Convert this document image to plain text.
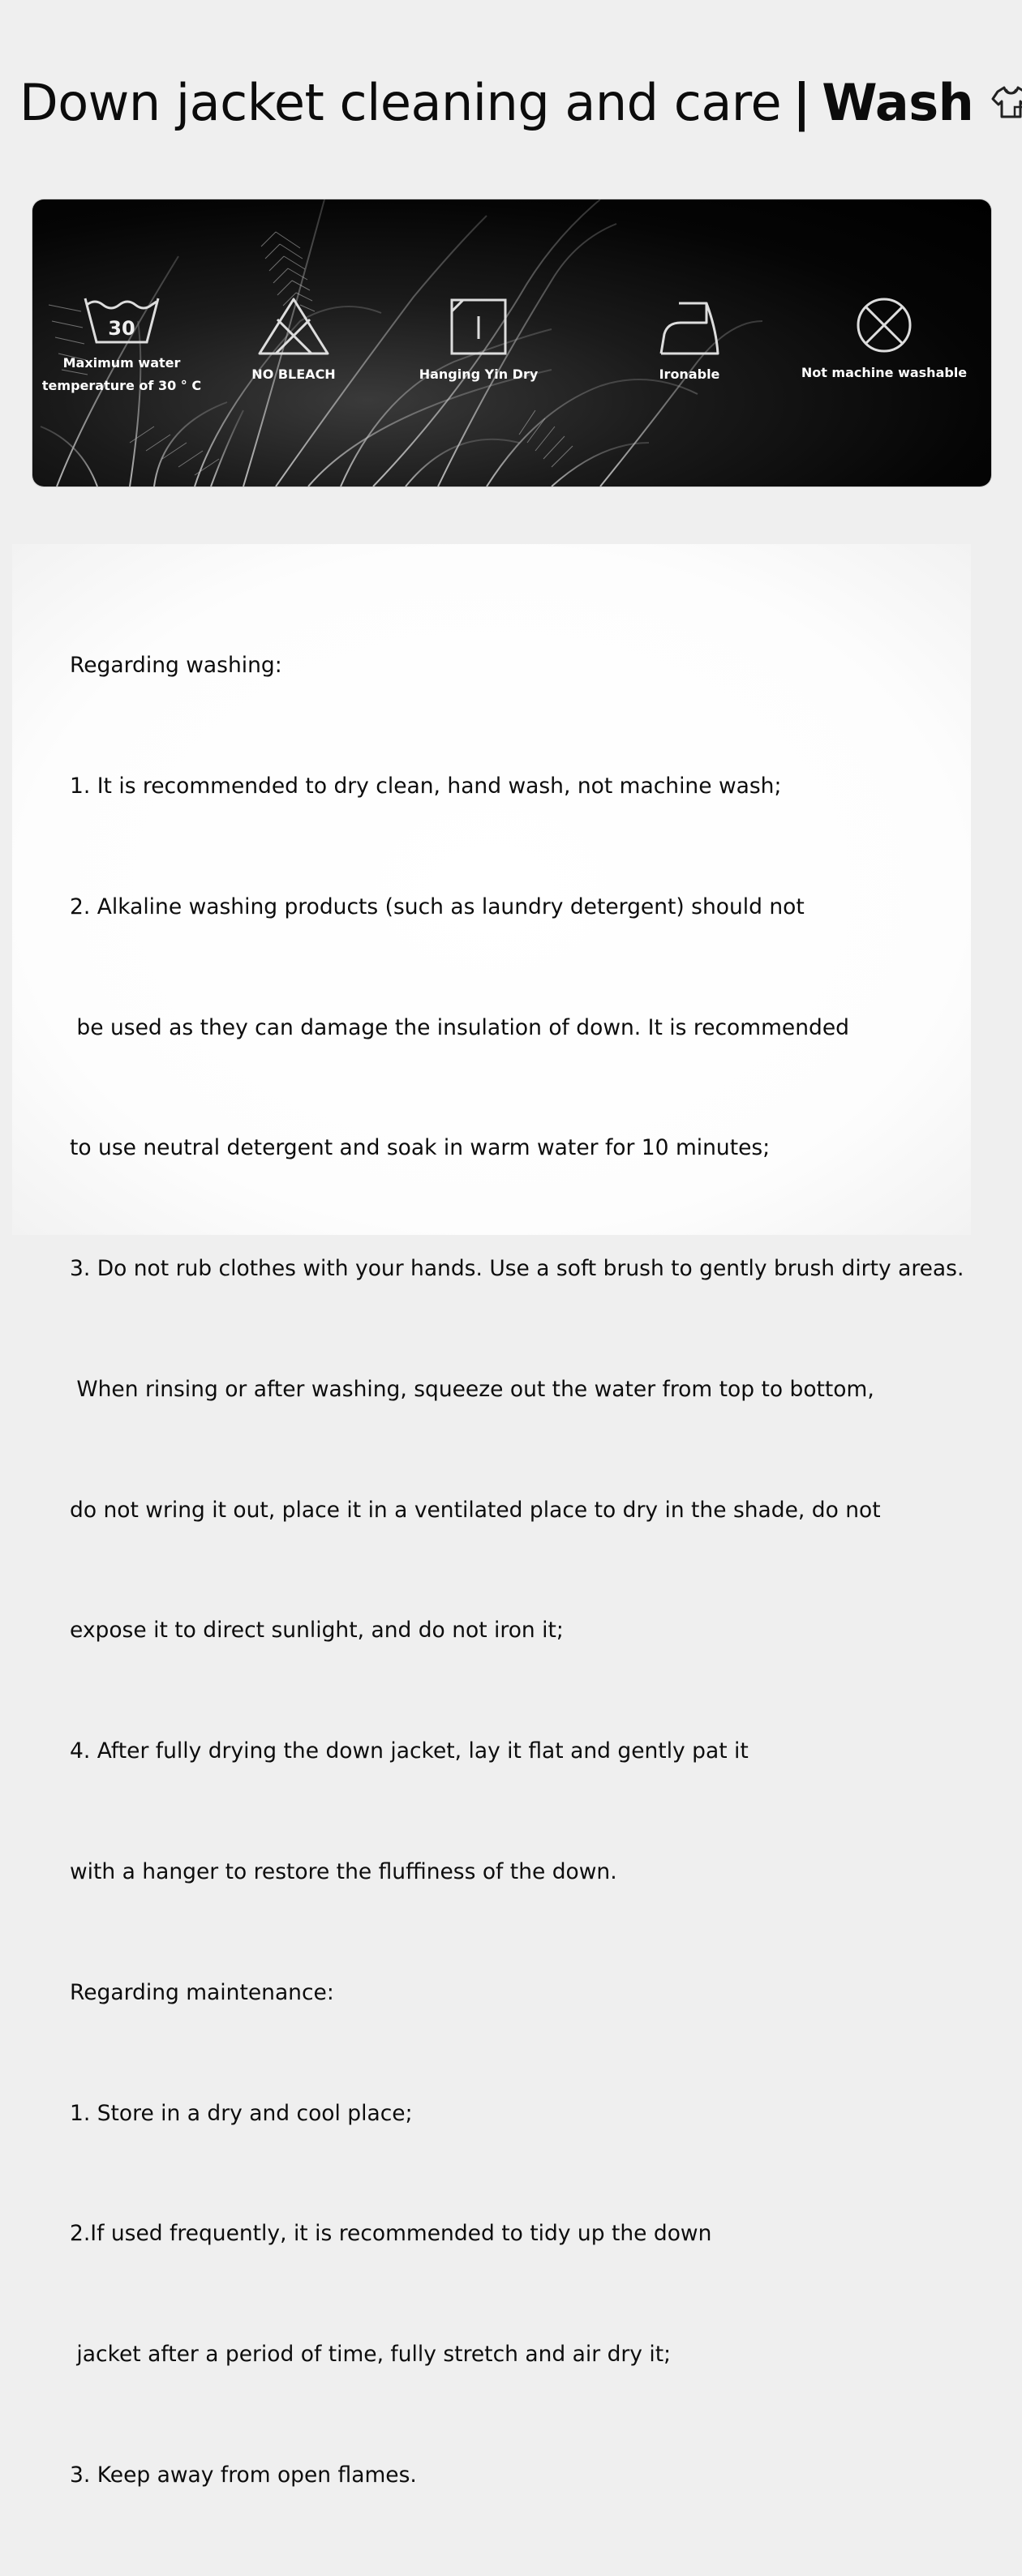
Down jacket cleaning and care | Wash
30
Maximum water
temperature of 30 ° C
NO BLEACH	Hanging Yin Dry	Ironable	Not machine washable

Regarding washing:

1. It is recommended to dry clean, hand wash, not machine wash;

2. Alkaline washing products (such as laundry detergent) should not

be used as they can damage the insulation of down. It is recommended

to use neutral detergent and soak in warm water for 10 minutes;

3. Do not rub clothes with your hands. Use a soft brush to gently brush dirty areas.

When rinsing or after washing, squeeze out the water from top to bottom,

do not wring it out, place it in a ventilated place to dry in the shade, do not

expose it to direct sunlight, and do not iron it;

4. After fully drying the down jacket, lay it flat and gently pat it

with a hanger to restore the fluffiness of the down.

Regarding maintenance:

1. Store in a dry and cool place;

2.If used frequently, it is recommended to tidy up the down

jacket after a period of time, fully stretch and air dry it;

3. Keep away from open flames.
